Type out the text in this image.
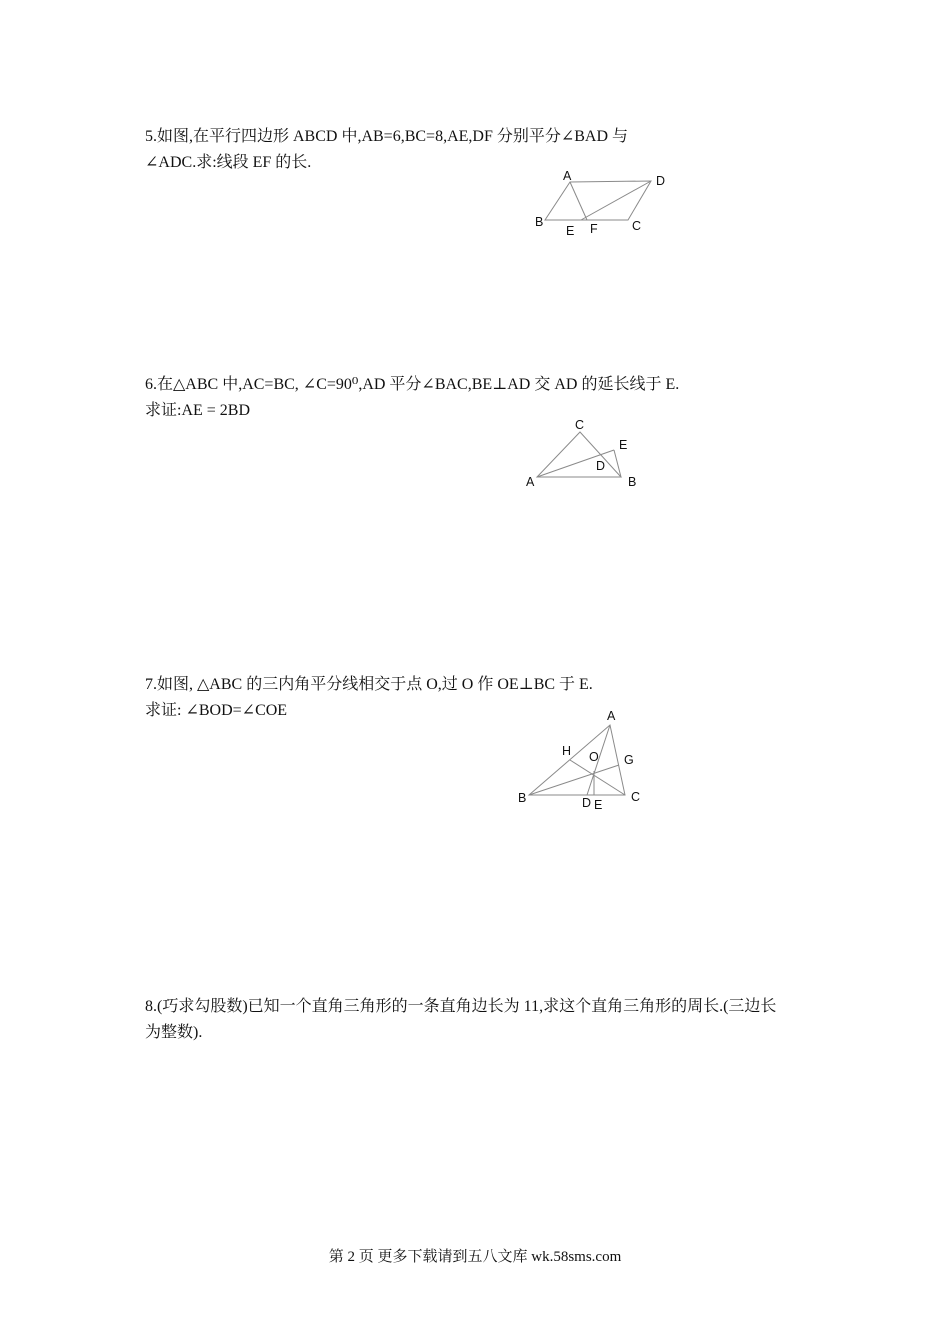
5.如图,在平行四边形 ABCD 中,AB=6,BC=8,AE,DF 分别平分∠BAD 与

∠ADC.求:线段 EF 的长.

A	D
B
E F	C

6.在△ABC 中,AC=BC, ∠C=90⁰,AD 平分∠BAC,BE⊥AD 交 AD 的延长线于 E.

求证:AE = 2BD

C
E
D
A	B

7.如图, △ABC 的三内角平分线相交于点 O,过 O 作 OE⊥BC 于 E.

求证: ∠BOD=∠COE	A
H O G
B	D E
C

8.(巧求勾股数)已知一个直角三角形的一条直角边长为 11,求这个直角三角形的周长.(三边长

为整数).

第 2 页 更多下载请到五八文库 wk.58sms.com
